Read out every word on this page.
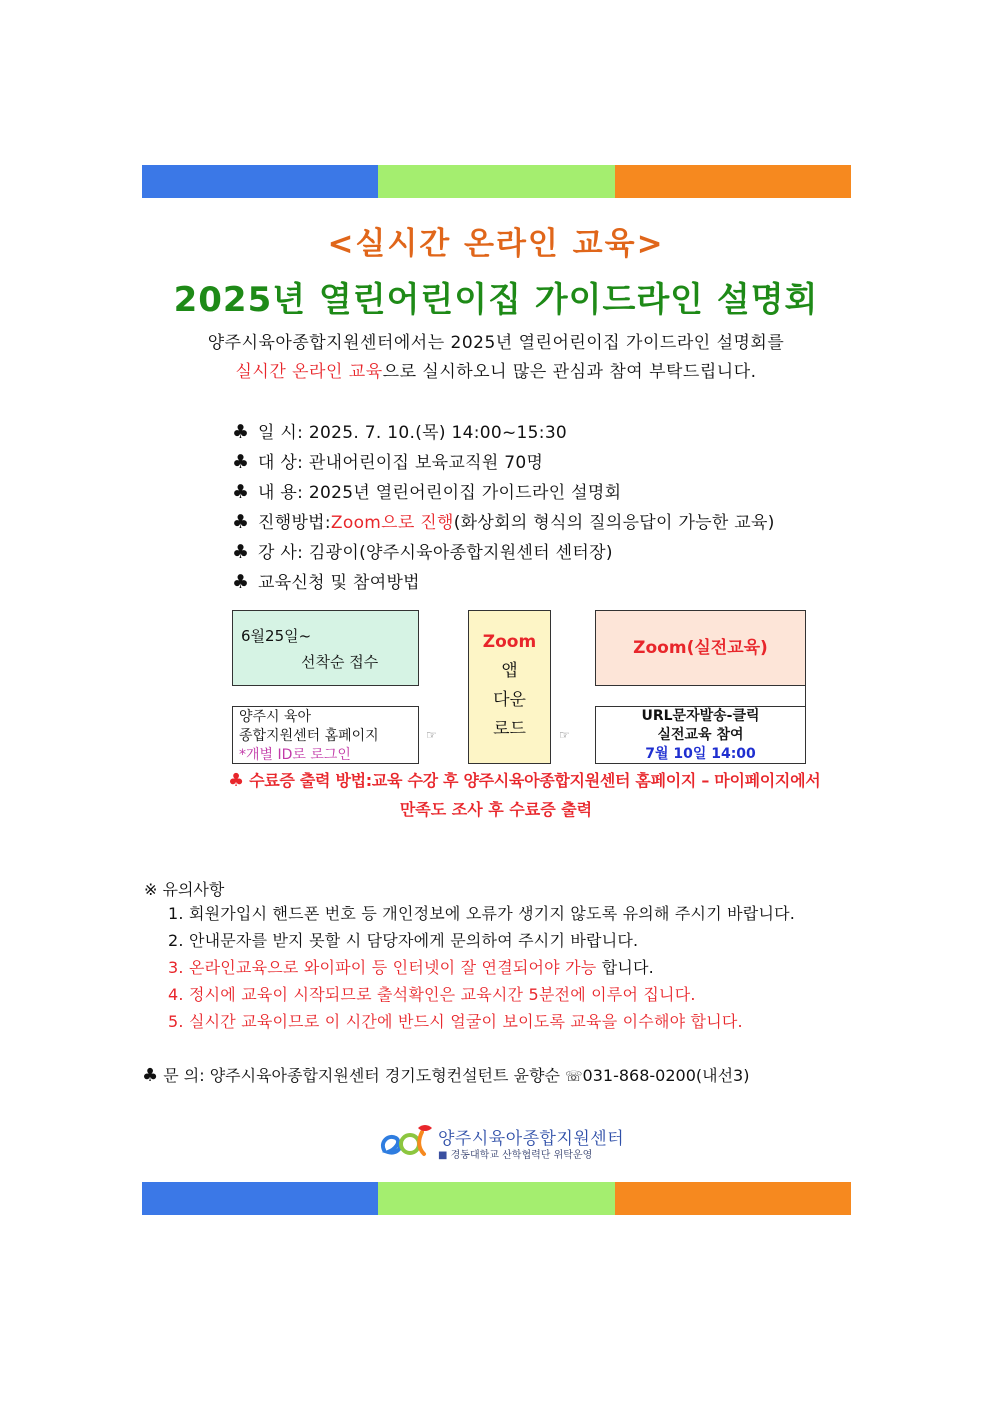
<실시간 온라인 교육>
2025년 열린어린이집 가이드라인 설명회
양주시육아종합지원센터에서는 2025년 열린어린이집 가이드라인 설명회를
실시간 온라인 교육으로 실시하오니 많은 관심과 참여 부탁드립니다.
♣ 일 시: 2025. 7. 10.(목) 14:00~15:30
♣ 대 상: 관내어린이집 보육교직원 70명
♣ 내 용: 2025년 열린어린이집 가이드라인 설명회
♣ 진행방법:Zoom으로 진행(화상회의 형식의 질의응답이 가능한 교육)
♣ 강 사: 김광이(양주시육아종합지원센터 센터장)
♣ 교육신청 및 참여방법
6월25일~
선착순 접수
양주시 육아
종합지원센터 홈페이지
*개별 ID로 로그인
☞
Zoom
앱
다운
로드	☞
Zoom(실전교육)
URL문자발송-클릭
실전교육 참여
7월 10일 14:00
♣ 수료증 출력 방법:교육 수강 후 양주시육아종합지원센터 홈페이지 – 마이페이지에서
만족도 조사 후 수료증 출력
※ 유의사항
1. 회원가입시 핸드폰 번호 등 개인정보에 오류가 생기지 않도록 유의해 주시기 바랍니다.
2. 안내문자를 받지 못할 시 담당자에게 문의하여 주시기 바랍니다.
3. 온라인교육으로 와이파이 등 인터넷이 잘 연결되어야 가능 합니다.
4. 정시에 교육이 시작되므로 출석확인은 교육시간 5분전에 이루어 집니다.
5. 실시간 교육이므로 이 시간에 반드시 얼굴이 보이도록 교육을 이수해야 합니다.
♣ 문 의: 양주시육아종합지원센터 경기도형컨설턴트 윤향순 ☏031-868-0200(내선3)
양주시육아종합지원센터
■ 경동대학교 산학협력단 위탁운영
